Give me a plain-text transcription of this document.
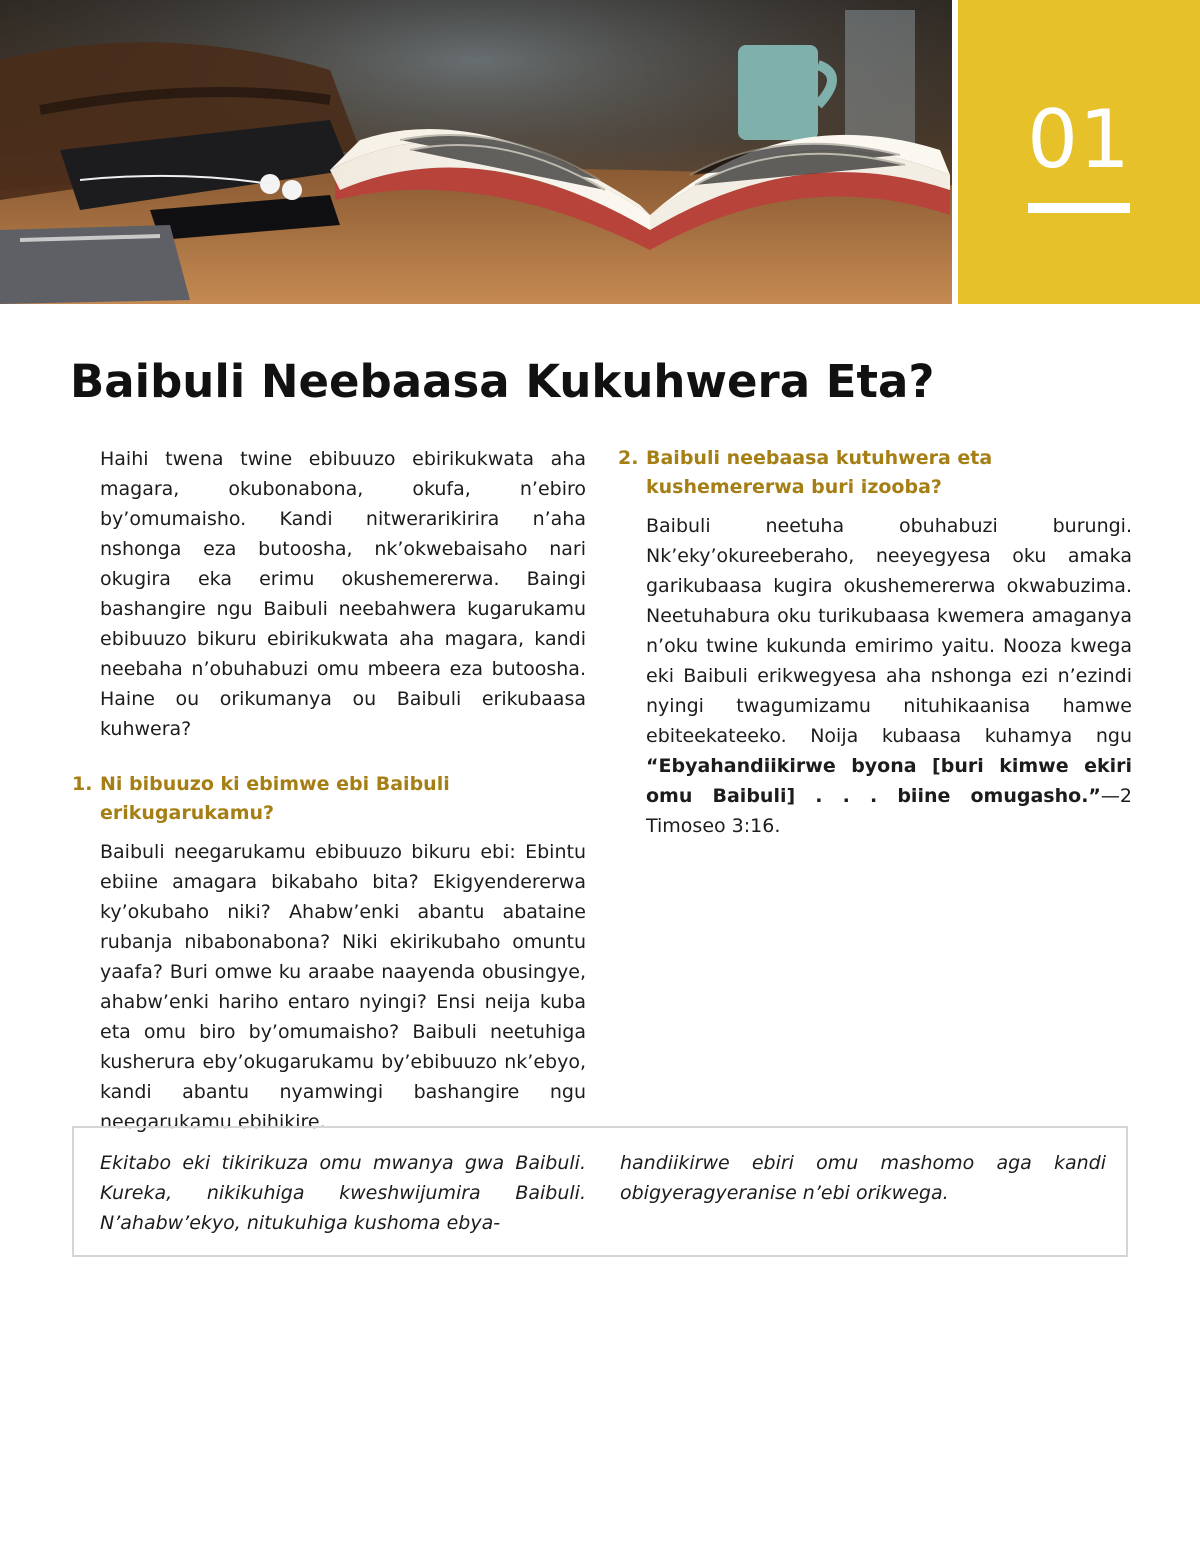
01
Baibuli Neebaasa Kukuhwera Eta?

Haihi twena twine ebibuuzo ebirikukwata aha magara, okubonabona, okufa, n’ebiro by’omumaisho. Kandi nitwerarikirira n’aha nshonga eza butoosha, nk’okwebaisaho nari okugira eka erimu okushemererwa. Baingi bashangire ngu Baibuli neebahwera kugarukamu ebibuuzo bikuru ebirikukwata aha magara, kandi neebaha n’obuhabuzi omu mbeera eza butoosha. Haine ou orikumanya ou Baibuli erikubaasa kuhwera?

1. Ni bibuuzo ki ebimwe ebi Baibuli erikugarukamu?

Baibuli neegarukamu ebibuuzo bikuru ebi: Ebintu ebiine amagara bikabaho bita? Ekigyendererwa ky’okubaho niki? Ahabw’enki abantu abataine rubanja nibabonabona? Niki ekirikubaho omuntu yaafa? Buri omwe ku araabe naayenda obusingye, ahabw’enki hariho entaro nyingi? Ensi neija kuba eta omu biro by’omumaisho? Baibuli neetuhiga kusherura eby’okugarukamu by’ebibuuzo nk’ebyo, kandi abantu nyamwingi bashangire ngu neegarukamu ebihikire.

2. Baibuli neebaasa kutuhwera eta kushemererwa buri izooba?

Baibuli neetuha obuhabuzi burungi. Nk’eky’okureeberaho, neeyegyesa oku amaka garikubaasa kugira okushemererwa okwabuzima. Neetuhabura oku turikubaasa kwemera amaganya n’oku twine kukunda emirimo yaitu. Nooza kwega eki Baibuli erikwegyesa aha nshonga ezi n’ezindi nyingi twagumizamu nituhikaanisa hamwe ebiteekateeko. Noija kubaasa kuhamya ngu “Ebyahandiikirwe byona [buri kimwe ekiri omu Baibuli] . . . biine omugasho.”—2 Timoseo 3:16.

Ekitabo eki tikirikuza omu mwanya gwa Baibuli. Kureka, nikikuhiga kweshwijumira Baibuli. N’ahabw’ekyo, nitukuhiga kushoma ebya-

handiikirwe ebiri omu mashomo aga kandi obigyeragyeranise n’ebi orikwega.
